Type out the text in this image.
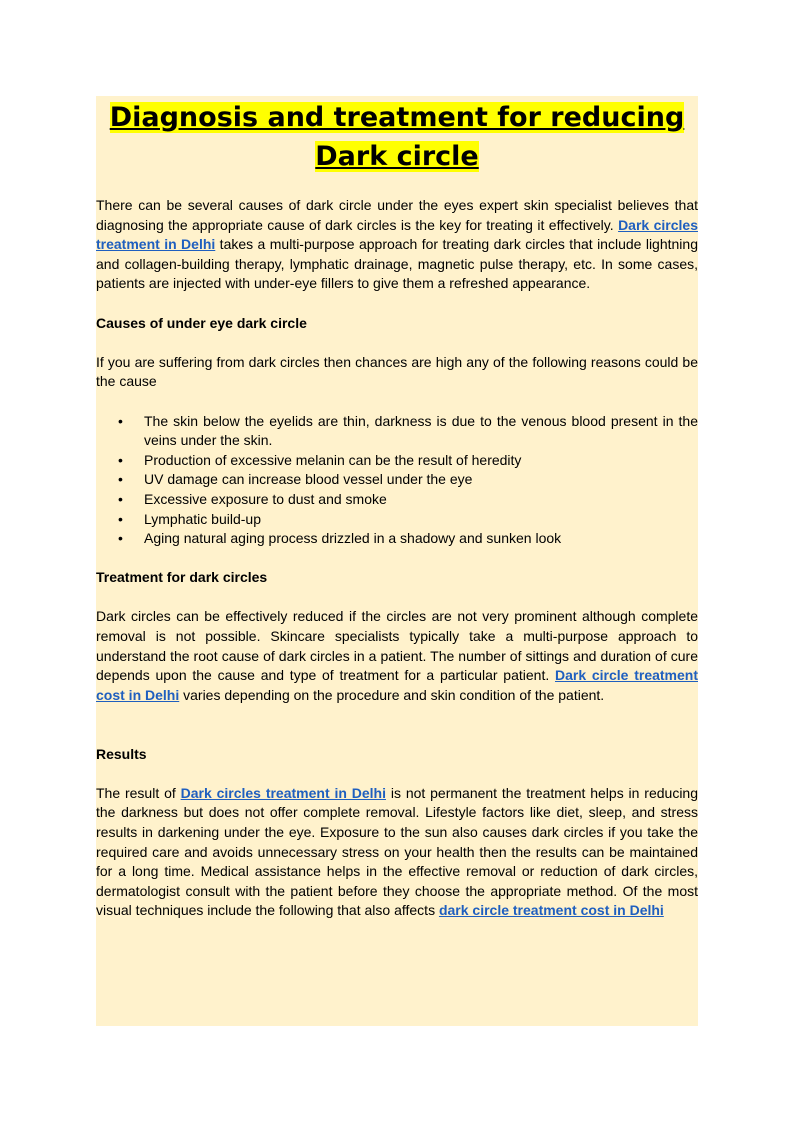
Diagnosis and treatment for reducing Dark circle

There can be several causes of dark circle under the eyes expert skin specialist believes that diagnosing the appropriate cause of dark circles is the key for treating it effectively. Dark circles treatment in Delhi takes a multi-purpose approach for treating dark circles that include lightning and collagen-building therapy, lymphatic drainage, magnetic pulse therapy, etc. In some cases, patients are injected with under-eye fillers to give them a refreshed appearance.

Causes of under eye dark circle

If you are suffering from dark circles then chances are high any of the following reasons could be the cause

• The skin below the eyelids are thin, darkness is due to the venous blood present in the veins under the skin.
• Production of excessive melanin can be the result of heredity
• UV damage can increase blood vessel under the eye
• Excessive exposure to dust and smoke
• Lymphatic build-up
• Aging natural aging process drizzled in a shadowy and sunken look

Treatment for dark circles

Dark circles can be effectively reduced if the circles are not very prominent although complete removal is not possible. Skincare specialists typically take a multi-purpose approach to understand the root cause of dark circles in a patient. The number of sittings and duration of cure depends upon the cause and type of treatment for a particular patient. Dark circle treatment cost in Delhi varies depending on the procedure and skin condition of the patient.

Results

The result of Dark circles treatment in Delhi is not permanent the treatment helps in reducing the darkness but does not offer complete removal. Lifestyle factors like diet, sleep, and stress results in darkening under the eye. Exposure to the sun also causes dark circles if you take the required care and avoids unnecessary stress on your health then the results can be maintained for a long time. Medical assistance helps in the effective removal or reduction of dark circles, dermatologist consult with the patient before they choose the appropriate method. Of the most visual techniques include the following that also affects dark circle treatment cost in Delhi
